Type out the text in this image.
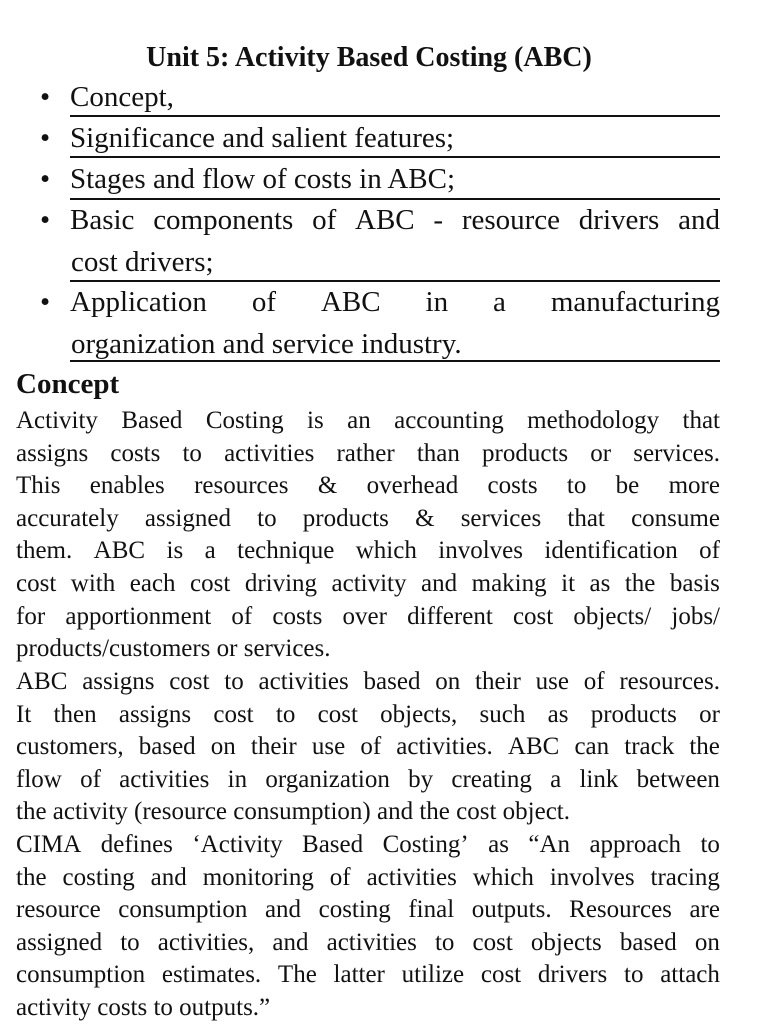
Unit 5: Activity Based Costing (ABC)
• Concept,
• Significance and salient features;
• Stages and flow of costs in ABC;
• Basic components of ABC - resource drivers and
cost drivers;
• Application of ABC in a manufacturing
organization and service industry.
Concept
Activity Based Costing is an accounting methodology that
assigns costs to activities rather than products or services.
This enables resources & overhead costs to be more
accurately assigned to products & services that consume
them. ABC is a technique which involves identification of
cost with each cost driving activity and making it as the basis
for apportionment of costs over different cost objects/ jobs/
products/customers or services.
ABC assigns cost to activities based on their use of resources.
It then assigns cost to cost objects, such as products or
customers, based on their use of activities. ABC can track the
flow of activities in organization by creating a link between
the activity (resource consumption) and the cost object.
CIMA defines ‘Activity Based Costing’ as “An approach to
the costing and monitoring of activities which involves tracing
resource consumption and costing final outputs. Resources are
assigned to activities, and activities to cost objects based on
consumption estimates. The latter utilize cost drivers to attach
activity costs to outputs.”
